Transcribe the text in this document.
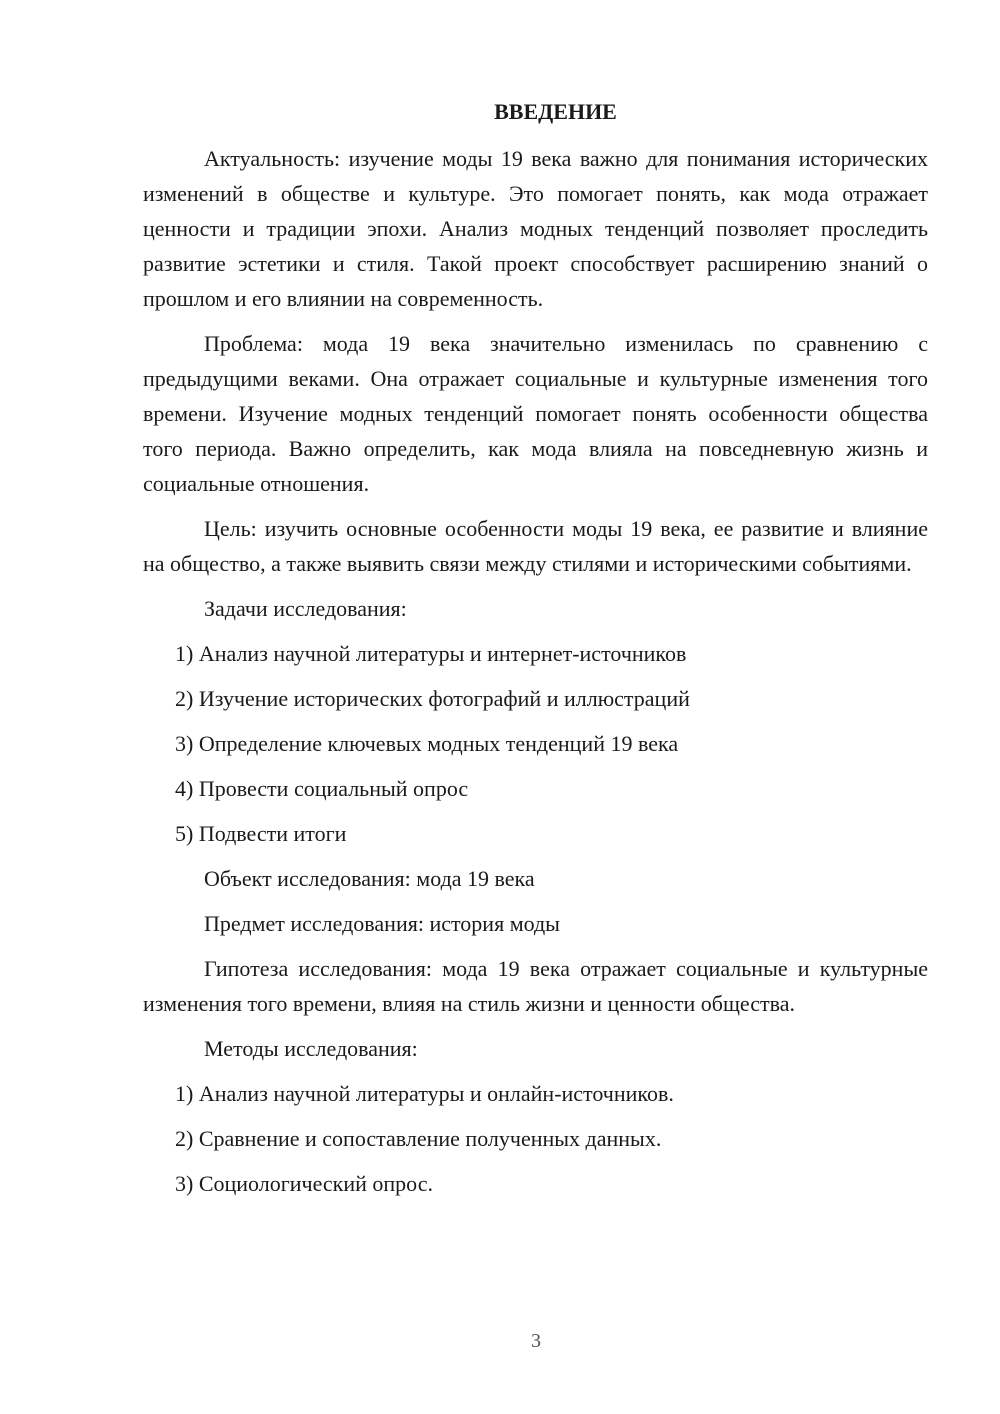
ВВЕДЕНИЕ

Актуальность: изучение моды 19 века важно для понимания исторических изменений в обществе и культуре. Это помогает понять, как мода отражает ценности и традиции эпохи. Анализ модных тенденций позволяет проследить развитие эстетики и стиля. Такой проект способствует расширению знаний о прошлом и его влиянии на современность.

Проблема: мода 19 века значительно изменилась по сравнению с предыдущими веками. Она отражает социальные и культурные изменения того времени. Изучение модных тенденций помогает понять особенности общества того периода. Важно определить, как мода влияла на повседневную жизнь и социальные отношения.

Цель: изучить основные особенности моды 19 века, ее развитие и влияние на общество, а также выявить связи между стилями и историческими событиями.

Задачи исследования:

1) Анализ научной литературы и интернет-источников
2) Изучение исторических фотографий и иллюстраций
3) Определение ключевых модных тенденций 19 века
4) Провести социальный опрос
5) Подвести итоги

Объект исследования: мода 19 века

Предмет исследования: история моды

Гипотеза исследования: мода 19 века отражает социальные и культурные изменения того времени, влияя на стиль жизни и ценности общества.

Методы исследования:

1) Анализ научной литературы и онлайн-источников.
2) Сравнение и сопоставление полученных данных.
3) Социологический опрос.
3
